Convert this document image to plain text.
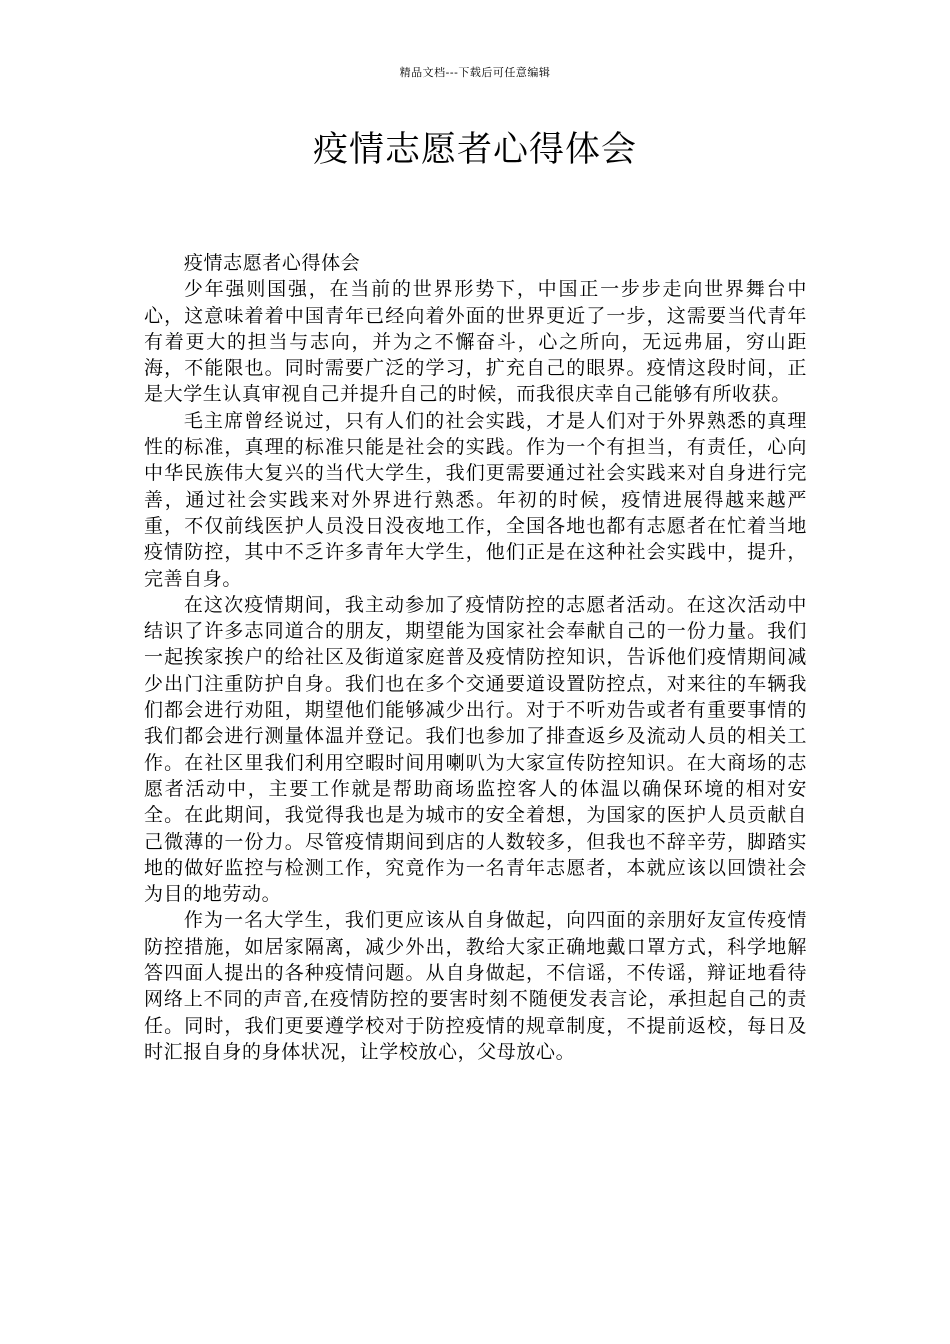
精品文档---下载后可任意编辑
疫情志愿者心得体会

疫情志愿者心得体会

少年强则国强，在当前的世界形势下，中国正一步步走向世界舞台中心，这意味着着中国青年已经向着外面的世界更近了一步，这需要当代青年有着更大的担当与志向，并为之不懈奋斗，心之所向，无远弗届，穷山距海，不能限也。同时需要广泛的学习，扩充自己的眼界。疫情这段时间，正是大学生认真审视自己并提升自己的时候，而我很庆幸自己能够有所收获。

毛主席曾经说过，只有人们的社会实践，才是人们对于外界熟悉的真理性的标准，真理的标准只能是社会的实践。作为一个有担当，有责任，心向中华民族伟大复兴的当代大学生，我们更需要通过社会实践来对自身进行完善，通过社会实践来对外界进行熟悉。年初的时候，疫情进展得越来越严重，不仅前线医护人员没日没夜地工作，全国各地也都有志愿者在忙着当地疫情防控，其中不乏许多青年大学生，他们正是在这种社会实践中，提升，完善自身。

在这次疫情期间，我主动参加了疫情防控的志愿者活动。在这次活动中结识了许多志同道合的朋友，期望能为国家社会奉献自己的一份力量。我们一起挨家挨户的给社区及街道家庭普及疫情防控知识，告诉他们疫情期间减少出门注重防护自身。我们也在多个交通要道设置防控点，对来往的车辆我们都会进行劝阻，期望他们能够减少出行。对于不听劝告或者有重要事情的我们都会进行测量体温并登记。我们也参加了排查返乡及流动人员的相关工作。在社区里我们利用空暇时间用喇叭为大家宣传防控知识。在大商场的志愿者活动中，主要工作就是帮助商场监控客人的体温以确保环境的相对安全。在此期间，我觉得我也是为城市的安全着想，为国家的医护人员贡献自己微薄的一份力。尽管疫情期间到店的人数较多，但我也不辞辛劳，脚踏实地的做好监控与检测工作，究竟作为一名青年志愿者，本就应该以回馈社会为目的地劳动。

作为一名大学生，我们更应该从自身做起，向四面的亲朋好友宣传疫情防控措施，如居家隔离，减少外出，教给大家正确地戴口罩方式，科学地解答四面人提出的各种疫情问题。从自身做起，不信谣，不传谣，辩证地看待网络上不同的声音,在疫情防控的要害时刻不随便发表言论，承担起自己的责任。同时，我们更要遵学校对于防控疫情的规章制度，不提前返校，每日及时汇报自身的身体状况，让学校放心，父母放心。
